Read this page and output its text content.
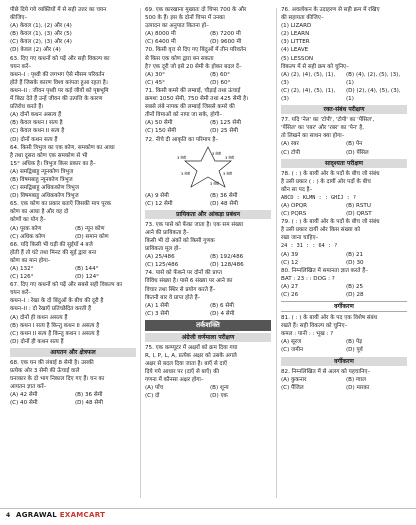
पीछे दिये गये व्यक्तियों में से सही उत्तर का चयन

कीजिए–

(A) केवल (1), (2) और (4)

(B) केवल (1), (3) और (5)

(C) केवल (2), (3) और (4)

(D) केवल (2) और (4)

63. दिए गए कथनों को पढ़ें और सही विकल्प का

चयन करें–

कथन–I : पृथ्वी की लगभग ऐसे मौसम परिवर्तन

होते हैं जिसके कारण विश्व कांपता हुआ रहता है।

कथन–II : जीवन पृथ्वी पर कई जीवों को पृष्ठभूमि

में बिठा देते हैं उन्हें जीवन की उत्पत्ति के कारण

प्रतिरोध करते हैं।

(A) दोनों कथन असत्य हैं

(B) केवल कथन I सत्य है

(C) केवल कथन II सत्य है

(D) दोनों कथन सत्य हैं

64. किसी त्रिभुज का एक कोण, समकोण का आधा

है तथा दूसरा कोण एक समकोण से भी

15° अधिक है। त्रिभुज किस प्रकार का है–

(A) समद्विबाहु न्यूनकोण त्रिभुज

(B) विषमबाहु न्यूनकोण त्रिभुज

(C) समद्विबाहु अधिककोण त्रिभुज

(D) विषमबाहु अधिककोण त्रिभुज

65. एक कोण का प्रकार बताएँ जिसकी माप पूरक

कोण का आधा है और वह दो

कोणों का योग है–

(A) पूरक कोण	(B) न्यून कोण

(C) अधिक कोण	(D) समान कोण

66. यदि किसी भी घड़ी की सुईयाँ 4 बजे

होती हैं तो घंटे तथा मिनट की सुई द्वारा बना

कोण का मान होगा–

(A) 132°	(B) 144°

(C) 126°	(D) 124°

67. दिए गए कथनों को पढ़ें और सबसे सही विकल्प का

चयन करें–

कथन–I : रेखा के दो बिंदुओं के बीच की दूरी है

कथन–II : दो रेखाएँ प्रतिच्छेदित करती हैं

(A) दोनों ही कथन असत्य हैं

(B) कथन I सत्य है किन्तु कथन II असत्य है

(C) कथन II सत्य है किन्तु कथन I असत्य है

(D) दोनों ही कथन सत्य हैं

आयतन और क्षेत्रफल

68. एक घन की लंबाई 8 सेमी है। उसकी

प्रत्येक ओर 3 सेमी की ऊँचाई वाले

घनाकार के दो भाग निकाल दिए गए हैं। घन का

आयतन ज्ञात करें–

(A) 42 सेमी	(B) 36 सेमी

(C) 40 सेमी	(D) 48 सेमी

69. एक कारखाना मुख्यतः दो चिप्स 700 के और

500 के हैं। इस के दोनों चिप्स में उनका

उत्पादन का अनुपात कितना हो–

(A) 8000 मी	(B) 7200 मी

(C) 6400 मी	(D) 9600 मी

70. किसी वृत्त से दिए गए बिंदुओं में तीन परिवर्तन

से किस एक कोण द्वारा बन सकता

है? एक दूरी जो इसे 20 सेमी के होकर बदल दें–

(A) 30°	(B) 60°

(C) 45°	(D) 60°

71. किसी कमरे की लम्बाई, चौड़ाई तथा ऊंचाई

क्रमशः 1050 सेमी, 750 सेमी तथा 425 सेमी है।

सबसे लंबे नापक की लम्बाई जिससे कमरे की

तीनों विमाओं को नापा जा सके, होगी–

(A) 50 सेमी	(B) 125 सेमी

(C) 150 सेमी	(D) 25 सेमी

72. नीचे दी आकृति का परिमाप है–

3 सेमी
3 सेमी
3 सेमी
3 सेमी
3 सेमी
3 सेमी

(A) 9 सेमी	(B) 36 सेमी

(C) 12 सेमी	(D) 48 सेमी

प्रायिकता और आंकड़ा प्रबंधन

73. एक पासे को फेंका जाता है। एक सम संख्या

आने की प्रायिकता है–

किसी भी दो अंकों को किसी गुणक

प्रायिकता मूल हो–

(A) 25/486	(B) 192/486

(C) 125/486	(D) 128/486

74. पासे को फेंकने पर दोनों की प्राप्त

विविध संख्या है। पासे 6 संख्या पर आने का

विचार तथा स्थिर से प्रयोग करते हैं–

कितनी बार वे प्राप्त होते हैं–

(A) 1 सेमी	(B) 6 सेमी

(C) 3 सेमी	(D) 4 सेमी

तर्कशक्ति
अंग्रेजी वर्णमाला परीक्षण

75. एक कम्प्यूटर में अक्षरों को क्रम दिया गया

R, I, P, L, A, प्रत्येक अक्षर को उसके अगले

अक्षर से बदल दिया जाता है। बाएँ से दाएँ

दिये गये आधार पर (दाएँ से बाएँ) की

गणना में कौनसा अक्षर होगा–

(A) पाँच	(B) शून्य

(C) दो	(D) एक

76. अवलोकन के उदाहरण से सही क्रम में रखिए

की सहायता कीजिए–

(1) LIZARD

(2) LEARN

(3) LITTER

(4) LEAVE

(5) LESSON

विकल्प में से सही क्रम को चुनिए–

(A) (2), (4), (5), (1), (3)

(B) (4), (2), (5), (3), (1)

(C) (2), (4), (5), (1), (3)

(D) (2), (4), (5), (3), (1)

रक्त-संबंध परीक्षण

77. यदि 'नेल' का 'टोपी', 'टोपी' का 'पेंसिल',

'पेंसिल' का 'रबर' और 'रबर' का 'पेन' है,

तो लिखने का साधन क्या होगा–

(A) रबर	(B) पेन

(C) टोपी	(D) पेंसिल

सादृश्यता परीक्षण

78. ( : ) के बायीं ओर के पदों के बीच जो संबंध

है उसी प्रकार ( : ) के दायीं ओर पदों के बीच

कौन सा पद है–

ABCD : KLMN : : GHIJ : ?

(A) OPQR	(B) RSTU

(C) PQRS	(D) QRST

79. ( : ) के बायीं ओर के पदों के बीच जो संबंध

है उसी प्रकार दायीं ओर किस संख्या को

रखा जाना चाहिए–

24 : 31 : : 64 : ?

(A) 39	(B) 21

(C) 12	(D) 30

80. निम्नलिखित में समानता ज्ञात करते हैं–

BAT : 23 : : DOG : ?

(A) 27	(B) 25

(C) 26	(D) 28

वर्गीकरण

81. ( : ) के बायीं ओर के पद एक विशेष संबंध

रखते हैं। सही विकल्प को चुनिए–

कमल : पानी : : भूख : ?

(A) सूरज	(B) पेड़

(C) जमीन	(D) पूर्व

वर्गीकरण

82. निम्नलिखित में से अलग को पहचानिए–

(A) कुकनार	(B) ग्वाल

(C) पैंजिल	(D) मारका

4 AGRAWAL EXAMCART
